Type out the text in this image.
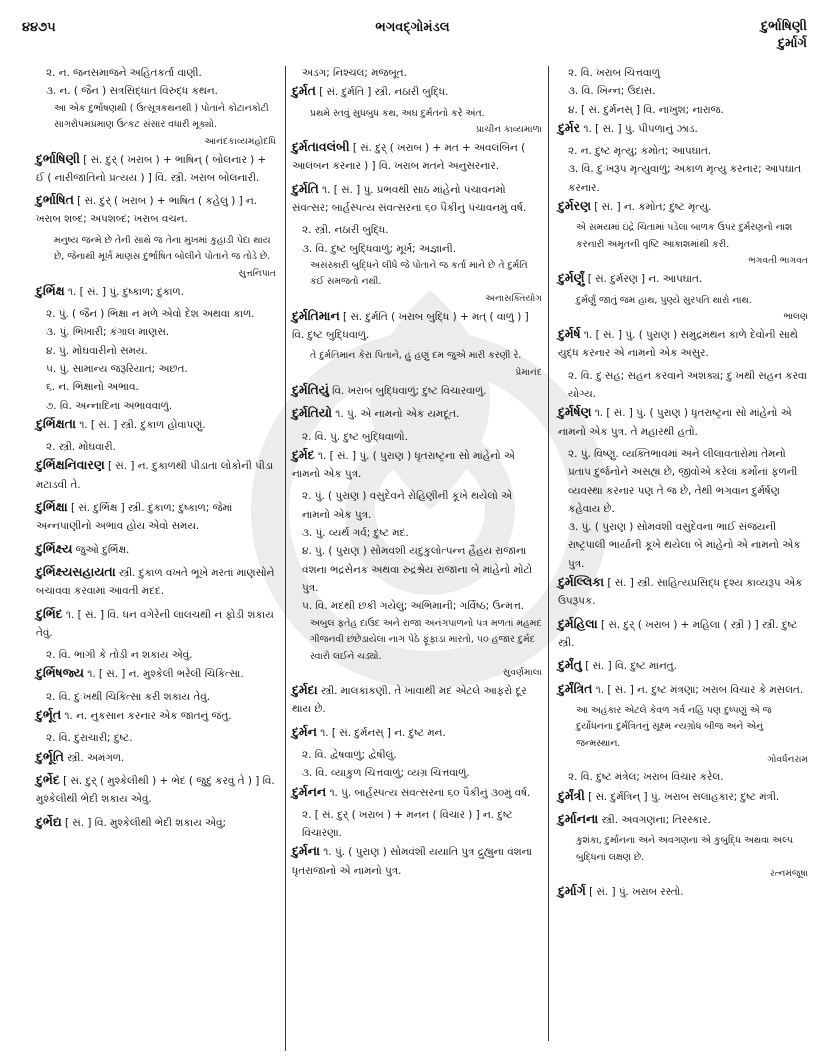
૪૪૭૫	ભગવદ્ગોમંડલ	દુર્ભાષિણી
દુર્માર્ગ
૨. ન. જનસમાજને અહિતકર્તા વાણી.
૩. ન. ( જૈન ) સત્રસિદ્ધાંત વિરુદ્ધ કથન.
આ એક દુર્ભાષણથી ( ઉત્સૂત્રકથનથી ) પોતાને કોટાનકોટી સાગરોપમપ્રમાણ ઉત્કટ સંસાર વધારી મૂક્યો.
આનંદકાવ્યમહોદધિ
દુર્ભાષિણી [ સં. દુર્ ( ખરાબ ) + ભાષિન્ ( બોલનાર ) + ઈ ( નારીજાતિનો પ્રત્યય ) ] વિ. સ્ત્રી. ખરાબ બોલનારી.
દુર્ભાષિત [ સં. દુર્ ( ખરાબ ) + ભાષિત ( કહેલું ) ] ન. ખરાબ શબ્દ; અપશબ્દ; ખરાબ વચન.
મનુષ્ય જન્મે છે તેની સાથે જ તેના મુખમાં કુહાડી પેદા થાય છે, જેનાથી મૂર્ખ માણસ દુર્ભાષિત બોલીને પોતાને જ તોડે છે.
સુત્તનિપાત
દુર્ભિક્ષ ૧. [ સં. ] પું. દુષ્કાળ; દુકાળ.
૨. પું. ( જૈન ) ભિક્ષા ન મળે એવો દેશ અથવા કાળ.
૩. પું. ભિખારી; કંગાલ માણસ.
૪. પું. મોંઘવારીનો સમય.
૫. પું. સામાન્ય જરૂરિયાત; અછત.
૬. ન. ભિક્ષાનો અભાવ.
૭. વિ. અન્નાદિના અભાવવાળું.
દુર્ભિક્ષતા ૧. [ સં. ] સ્ત્રી. દુકાળ હોવાપણું.
૨. સ્ત્રી. મોંઘવારી.
દુર્ભિક્ષનિવારણ [ સં. ] ન. દુકાળથી પીડાતા લોકોની પીડા મટાડવી તે.
દુર્ભિક્ષા [ સં. દુર્ભિક્ષ ] સ્ત્રી. દુકાળ; દુષ્કાળ; જેમાં અન્નપાણીનો અભાવ હોય એવો સમય.
દુર્ભિક્ષ્ય જુઓ દુર્ભિક્ષ.
દુર્ભિક્ષ્યસહાયતા સ્ત્રી. દુકાળ વખતે ભૂખે મરતાં માણસોને બચાવવા કરવામાં આવતી મદદ.
દુર્ભિદ ૧. [ સં. ] વિ. ધન વગેરેની લાલચથી ન ફોડી શકાય તેવું.
૨. વિ. ભાંગી કે તોડી ન શકાય એવું.
દુર્ભિષજ્ય ૧. [ સં. ] ન. મુશ્કેલી ભરેલી ચિકિત્સા.
૨. વિ. દુઃખથી ચિકિત્સા કરી શકાય તેવું.
દુર્ભૂત ૧. ન. નુકસાન કરનાર એક જાતનું જંતુ.
૨. વિ. દુરાચારી; દુષ્ટ.
દુર્ભૂતિ સ્ત્રી. અમંગળ.
દુર્ભેદ [ સં. દુર્ ( મુશ્કેલીથી ) + ભેદ ( જુદું કરવું તે ) ] વિ. મુશ્કેલીથી ભેદી શકાય એવું.
દુર્ભેદ્ય [ સં. ] વિ. મુશ્કેલીથી ભેદી શકાય એવું;
અડગ; નિશ્ચલ; મજબૂત.
દુર્મત [ સં. દુર્મતિ ] સ્ત્રી. નઠારી બુદ્ધિ.
પ્રથમે સ્તવું સુધબુધ કંથ, અઘ દુર્મતનો કરે અંત.
પ્રાચીન કાવ્યમાળા
દુર્મતાવલંબી [ સં. દુર્ ( ખરાબ ) + મત + અવલંબિન ( આલંબન કરનાર ) ] વિ. ખરાબ મતને અનુસરનાર.
દુર્મતિ ૧. [ સં. ] પું. પ્રભવથી સાઠ માંહેનો પંચાવનમો સંવત્સર; બાર્હસ્પત્ય સંવત્સરનાં ૬૦ પૈકીનું પંચાવનમું વર્ષ.
૨. સ્ત્રી. નઠારી બુદ્ધિ.
૩. વિ. દુષ્ટ બુદ્ધિવાળું; મૂર્ખ; અજ્ઞાની.
અસંસ્કારી બુદ્ધિને લીધે જે પોતાને જ કર્તા માને છે તે દુર્મતિ કંઈ સમજતો નથી.
અનાસક્તિયોગ
દુર્મતિમાન [ સં. દુર્મતિ ( ખરાબ બુદ્ધિ ) + મત્ ( વાળું ) ] વિ. દુષ્ટ બુદ્ધિવાળું.
તે દુર્મતિમાન કેરા પિતાને, હું હણું દમ જુએ મારી કરણી રે.
પ્રેમાનંદ
દુર્મતિયું વિ. ખરાબ બુદ્ધિવાળું; દુષ્ટ વિચારવાળું.
દુર્મતિયો ૧. પું. એ નામનો એક યમદૂત.
૨. વિ. પું. દુષ્ટ બુદ્ધિવાળો.
દુર્મદ ૧. [ સં. ] પું. ( પુરાણ ) ધૃતરાષ્ટ્રના સો માંહેનો એ નામનો એક પુત્ર.
૨. પું. ( પુરાણ ) વસુદેવને રોહિણીની કૂખે થયેલો એ નામનો એક પુત્ર.
૩. પું. વ્યર્થ ગર્વ; દુષ્ટ મદ.
૪. પું. ( પુરાણ ) સોમવંશી યદુકુલોત્પન્ન હૈહય રાજાના વંશના ભદ્રસેનક અથવા રુદ્રશ્રેય રાજાના બે માંહેનો મોટો પુત્ર.
૫. વિ. મદથી છકી ગયેલું; અભિમાની; ગર્વિષ્ઠ; ઉન્મત્ત.
અબુલ ફતેહ દાઉદ અને રાજા અનંગપાળનો પત્ર મળતાં મહમદ ગીજનવી છંછેડાયેલા નાગ પેઠે ફૂંફાડા મારતો, ૫૦ હજાર દુર્મદ સ્વારો લઈને ચડ્યો.
સુવર્ણમાલા
દુર્મદા સ્ત્રી. માલકાંકણી. તે ખાવાથી મદ એટલે આફરો દૂર થાય છે.
દુર્મન ૧. [ સં. દુર્મનસ્ ] ન. દુષ્ટ મન.
૨. વિ. દ્વેષવાળું; દ્વેષીલું.
૩. વિ. વ્યાકુળ ચિત્તવાળું; વ્યગ્ર ચિત્તવાળું.
દુર્મનન ૧. પું. બાર્હસ્પત્ય સંવત્સરનાં ૬૦ પૈકીનું ૩૦મું વર્ષ.
૨. [ સં. દુર્ ( ખરાબ ) + મનન ( વિચાર ) ] ન. દુષ્ટ વિચારણા.
દુર્મના ૧. પું. ( પુરાણ ) સોમવંશી યયાતિ પુત્ર દ્રુહ્યુના વંશના ધૃતરાજાનો એ નામનો પુત્ર.
૨. વિ. ખરાબ ચિત્તવાળું
૩. વિ. ખિન્ન; ઉદાસ.
૪. [ સં. દુર્મનસ્ ] વિ. નાખુશ; નારાજ.
દુર્મર ૧. [ સં. ] પું. પીપળાનું ઝાડ.
૨. ન. દુષ્ટ મૃત્યુ; કમોત; આપઘાત.
૩. વિ. દુઃખરૂપ મૃત્યુવાળું; અકાળ મૃત્યુ કરનાર; આપઘાત કરનાર.
દુર્મરણ [ સં. ] ન. કમોત; દુષ્ટ મૃત્યુ.
એ સમયમાં ઇંદ્રે ચિતામાં પડેલા બાળક ઉપર દુર્મરણનો નાશ કરનારી અમૃતની વૃષ્ટિ આકાશમાંથી કરી.
ભગવતી ભાગવત
દુર્મર્ણું [ સં. દુર્મરણ ] ન. આપઘાત.
દુર્મર્ણું જાતું જમ હાથ, પુણ્યે સુરપતિ થારો નાથ.
ભાલણ
દુર્મર્ષ ૧. [ સં. ] પું. ( પુરાણ ) સમુદ્રમંથન કાળે દેવોની સાથે યુદ્ધ કરનાર એ નામનો એક અસુર.
૨. વિ. દુઃસહ; સહન કરવાને અશક્ય; દુઃખથી સહન કરવા યોગ્ય.
દુર્મર્ષણ ૧. [ સં. ] પું. ( પુરાણ ) ધૃતરાષ્ટ્રના સો માંહેનો એ નામનો એક પુત્ર. તે મહારથી હતો.
૨. પું. વિષ્ણુ. વ્યક્તિભાવમાં અને લીલાવતારોમાં તેમનો પ્રતાપ દુર્જનોને અસહ્ય છે, જીવોએ કરેલાં કર્મોનાં ફળની વ્યવસ્થા કરનાર પણ તે જ છે, તેથી ભગવાન દુર્મર્ષણ કહેવાય છે.
૩. પું. ( પુરાણ ) સોમવંશી વસુદેવના ભાઈ સંજયની રાષ્ટ્રપાલી ભાર્યાની કૂખે થયેલા બે માંહેનો એ નામનો એક પુત્ર.
દુર્મલ્લિકા [ સં. ] સ્ત્રી. સાહિત્યપ્રસિદ્ધ દૃશ્ય કાવ્યરૂપ એક ઉપરૂપક.
દુર્મહિલા [ સં. દુર્ ( ખરાબ ) + મહિલા ( સ્ત્રી ) ] સ્ત્રી. દુષ્ટ સ્ત્રી.
દુર્મંતુ [ સં. ] વિ. દુષ્ટ માનતુ.
દુર્મંત્રિત ૧. [ સં. ] ન. દુષ્ટ મંત્રણા; ખરાબ વિચાર કે મસલત.
આ અહંકાર એટલે કેવળ ગર્વ નહિ પણ દુષ્પણું એ જ દુર્યોધનના દુર્મંત્રિતનું સૂક્ષ્મ ન્યગ્રોધ બીજ અને એનું જન્મસ્થાન.
ગોવર્ધનરામ
૨. વિ. દુષ્ટ મંત્રેલ; ખરાબ વિચાર કરેલ.
દુર્મંત્રી [ સં. દુર્મંત્રિન્ ] પું. ખરાબ સલાહકાર; દુષ્ટ મંત્રી.
દુર્માનના સ્ત્રી. અવગણના; તિરસ્કાર.
કુશંકા, દુર્માનના અને અવગણના એ કુબુદ્ધિ અથવા અલ્પ બુદ્ધિનાં લક્ષણ છે.
રત્નમંજૂષા
દુર્માર્ગ [ સં. ] પું. ખરાબ રસ્તો.
